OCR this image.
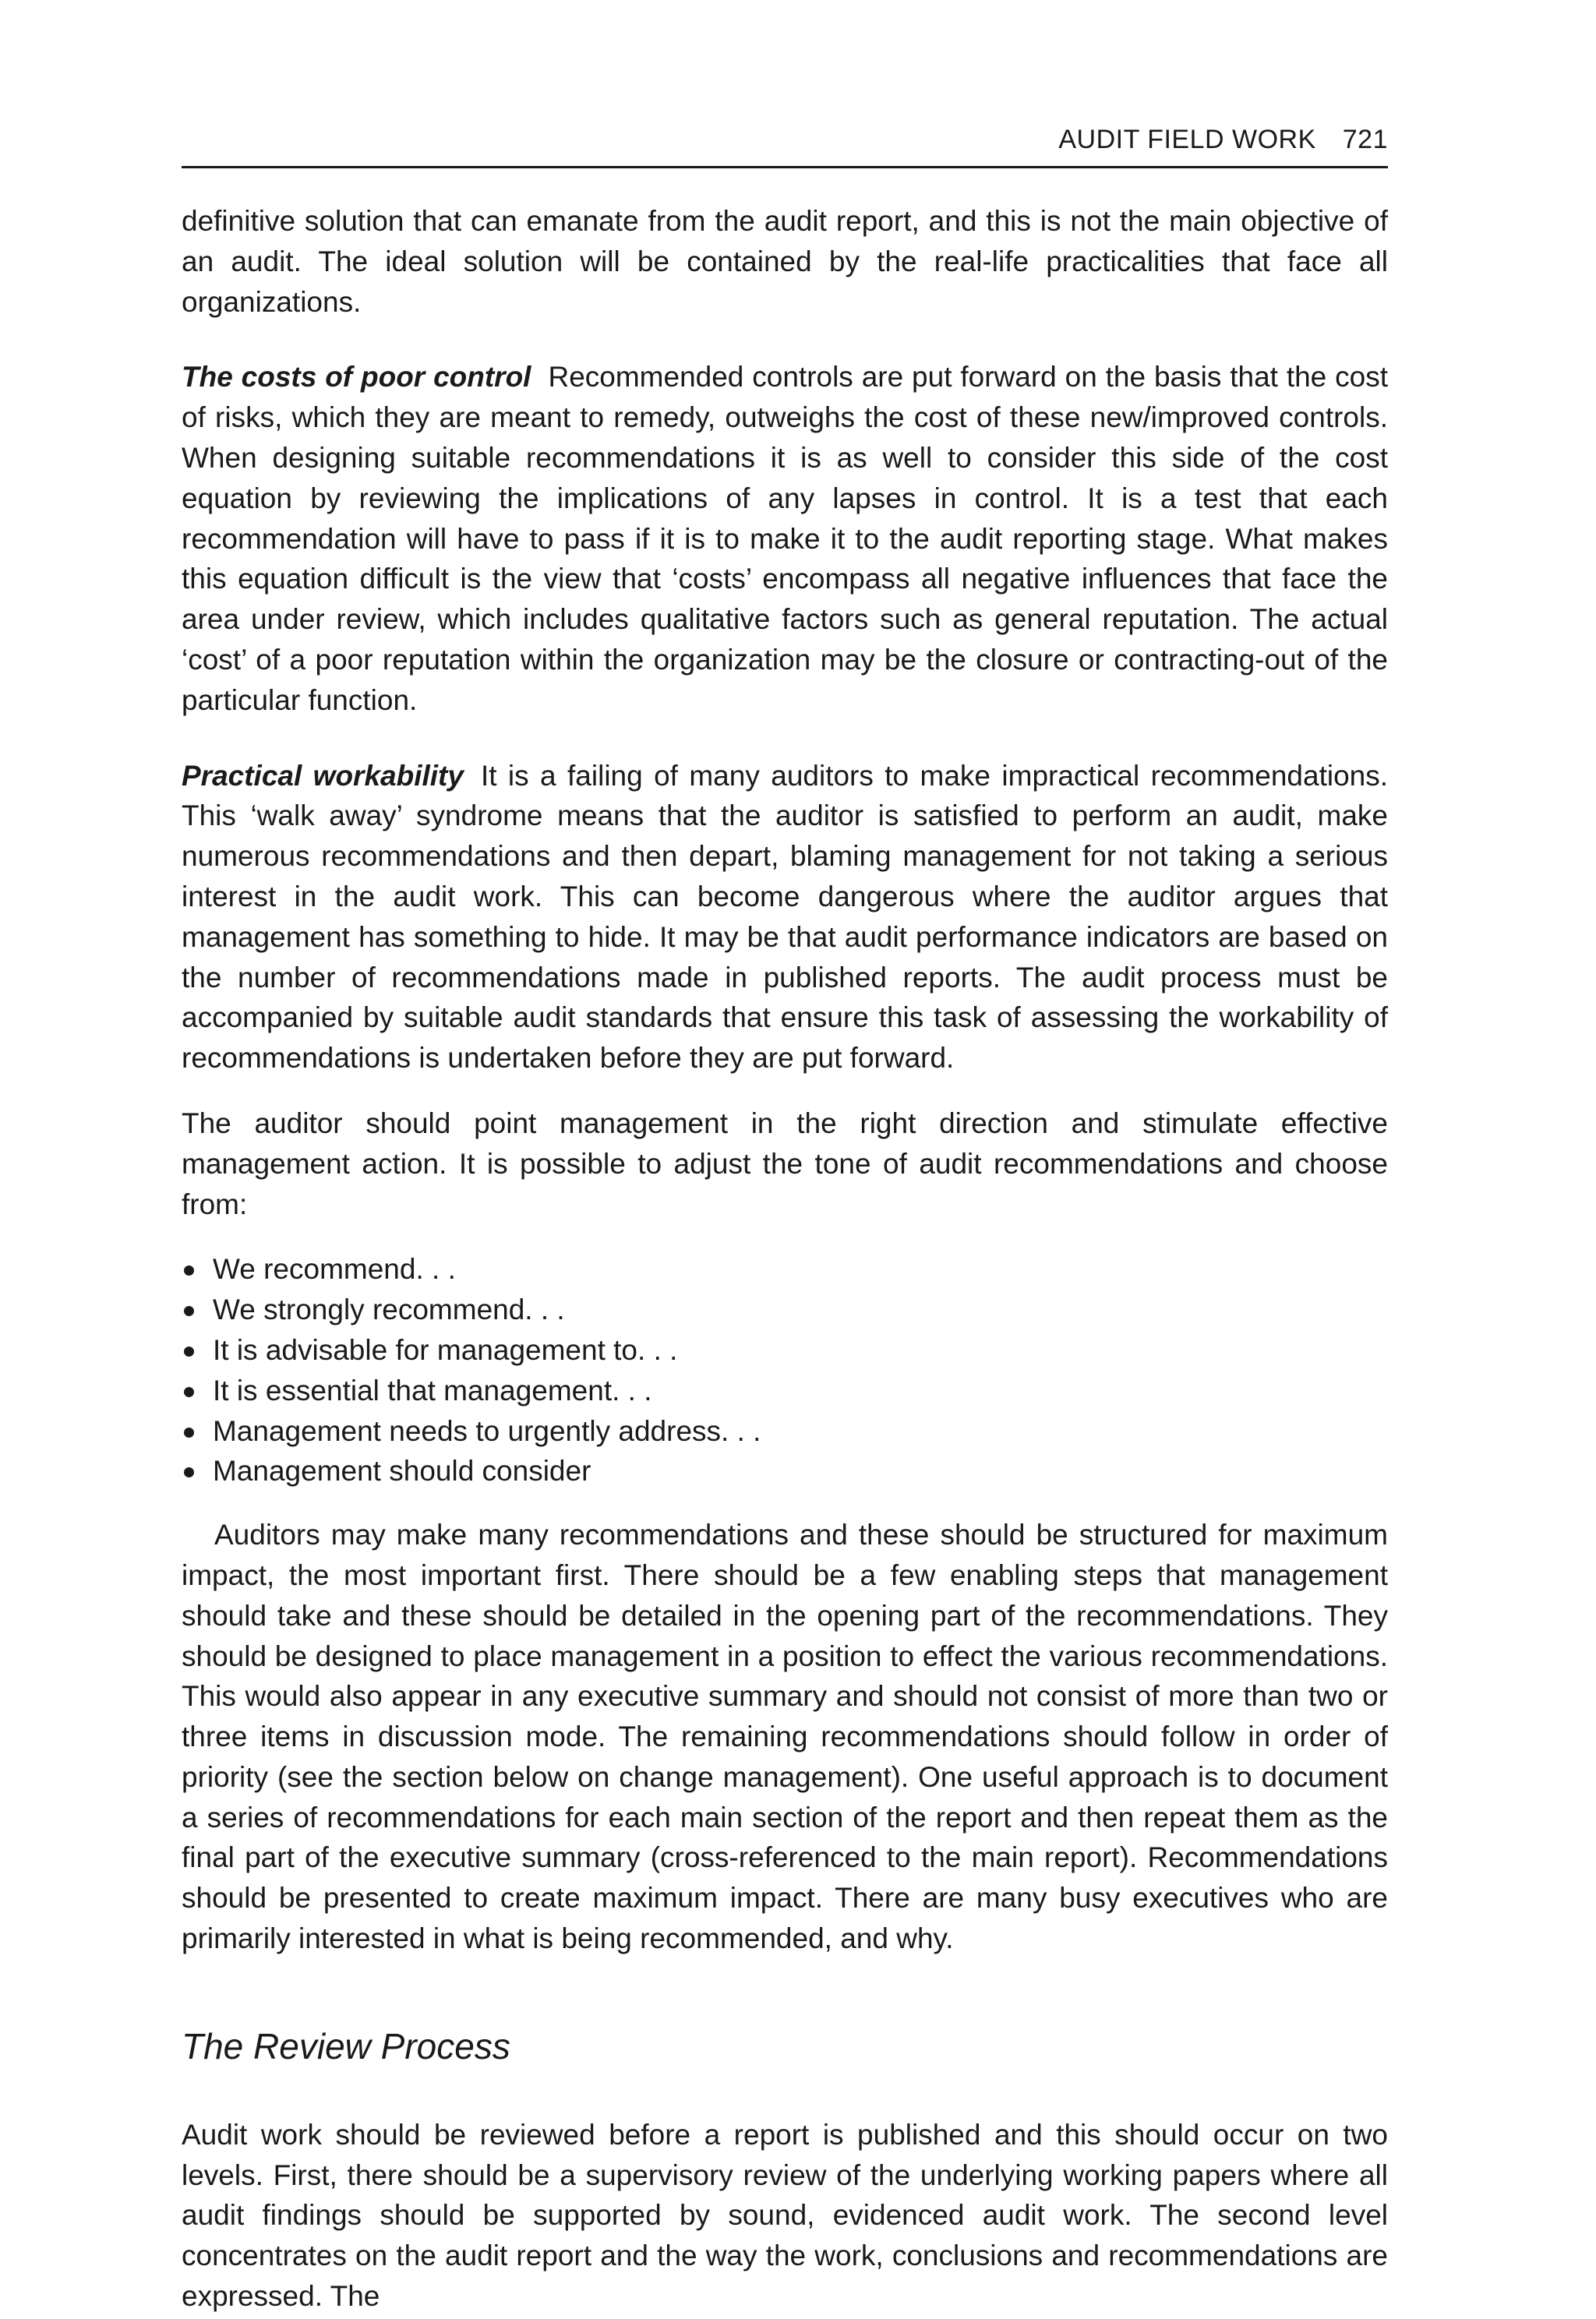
AUDIT FIELD WORK 721

definitive solution that can emanate from the audit report, and this is not the main objective of an audit. The ideal solution will be contained by the real-life practicalities that face all organizations.

The costs of poor control Recommended controls are put forward on the basis that the cost of risks, which they are meant to remedy, outweighs the cost of these new/improved controls. When designing suitable recommendations it is as well to consider this side of the cost equation by reviewing the implications of any lapses in control. It is a test that each recommendation will have to pass if it is to make it to the audit reporting stage. What makes this equation difficult is the view that ‘costs’ encompass all negative influences that face the area under review, which includes qualitative factors such as general reputation. The actual ‘cost’ of a poor reputation within the organization may be the closure or contracting-out of the particular function.

Practical workability It is a failing of many auditors to make impractical recommendations. This ‘walk away’ syndrome means that the auditor is satisfied to perform an audit, make numerous recommendations and then depart, blaming management for not taking a serious interest in the audit work. This can become dangerous where the auditor argues that management has something to hide. It may be that audit performance indicators are based on the number of recommendations made in published reports. The audit process must be accompanied by suitable audit standards that ensure this task of assessing the workability of recommendations is undertaken before they are put forward.

The auditor should point management in the right direction and stimulate effective management action. It is possible to adjust the tone of audit recommendations and choose from:

We recommend. . .
We strongly recommend. . .
It is advisable for management to. . .
It is essential that management. . .
Management needs to urgently address. . .
Management should consider

Auditors may make many recommendations and these should be structured for maximum impact, the most important first. There should be a few enabling steps that management should take and these should be detailed in the opening part of the recommendations. They should be designed to place management in a position to effect the various recommendations. This would also appear in any executive summary and should not consist of more than two or three items in discussion mode. The remaining recommendations should follow in order of priority (see the section below on change management). One useful approach is to document a series of recommendations for each main section of the report and then repeat them as the final part of the executive summary (cross-referenced to the main report). Recommendations should be presented to create maximum impact. There are many busy executives who are primarily interested in what is being recommended, and why.

The Review Process

Audit work should be reviewed before a report is published and this should occur on two levels. First, there should be a supervisory review of the underlying working papers where all audit findings should be supported by sound, evidenced audit work. The second level concentrates on the audit report and the way the work, conclusions and recommendations are expressed. The
